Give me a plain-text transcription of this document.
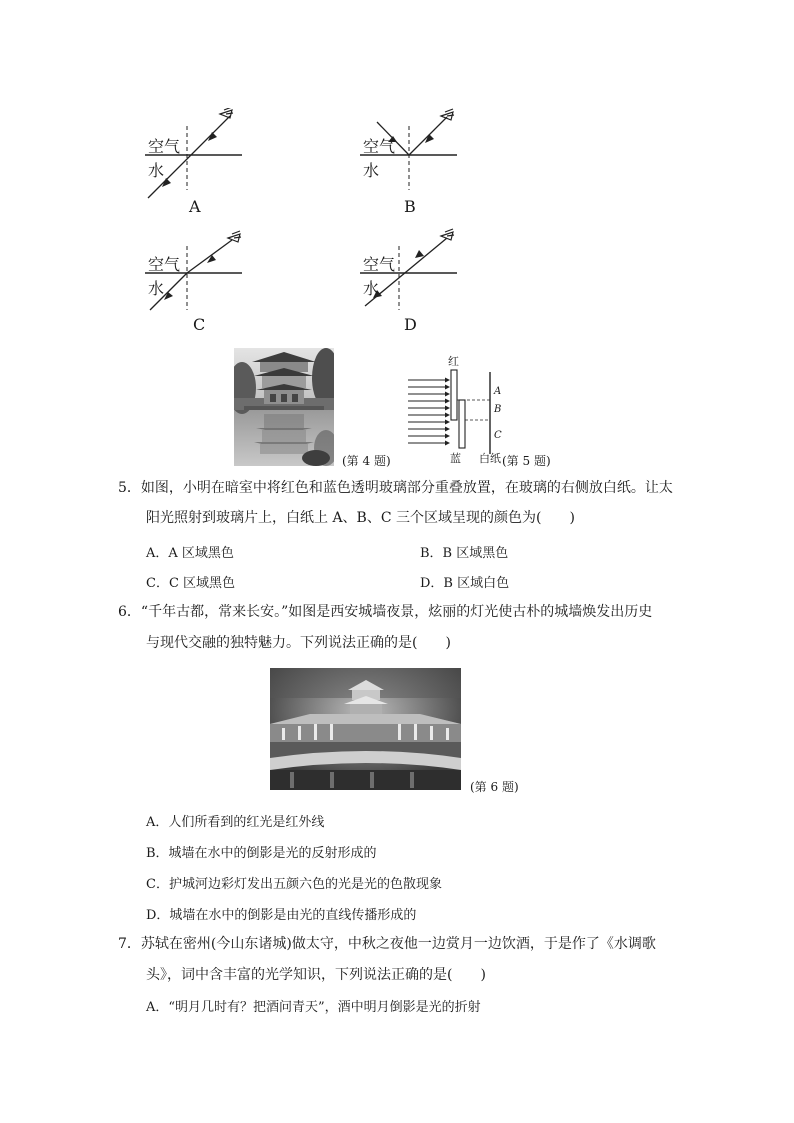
空气
水
A
空气
水
B
空气
水
C
空气
水
D
(第 4 题)
红
蓝 白纸
A
B
C
(第 5 题)
5．如图，小明在暗室中将红色和蓝色透明玻璃部分重叠放置，在玻璃的右侧放白纸。让太
阳光照射到玻璃片上，白纸上 A、B、C 三个区域呈现的颜色为(　　)
A．A 区域黑色	B．B 区域黑色
C．C 区域黑色	D．B 区域白色
6．“千年古都，常来长安。”如图是西安城墙夜景，炫丽的灯光使古朴的城墙焕发出历史
与现代交融的独特魅力。下列说法正确的是(　　)
(第 6 题)
A．人们所看到的红光是红外线
B．城墙在水中的倒影是光的反射形成的
C．护城河边彩灯发出五颜六色的光是光的色散现象
D．城墙在水中的倒影是由光的直线传播形成的
7．苏轼在密州(今山东诸城)做太守，中秋之夜他一边赏月一边饮酒，于是作了《水调歌
头》，词中含丰富的光学知识，下列说法正确的是(　　)
A．“明月几时有？把酒问青天”，酒中明月倒影是光的折射
